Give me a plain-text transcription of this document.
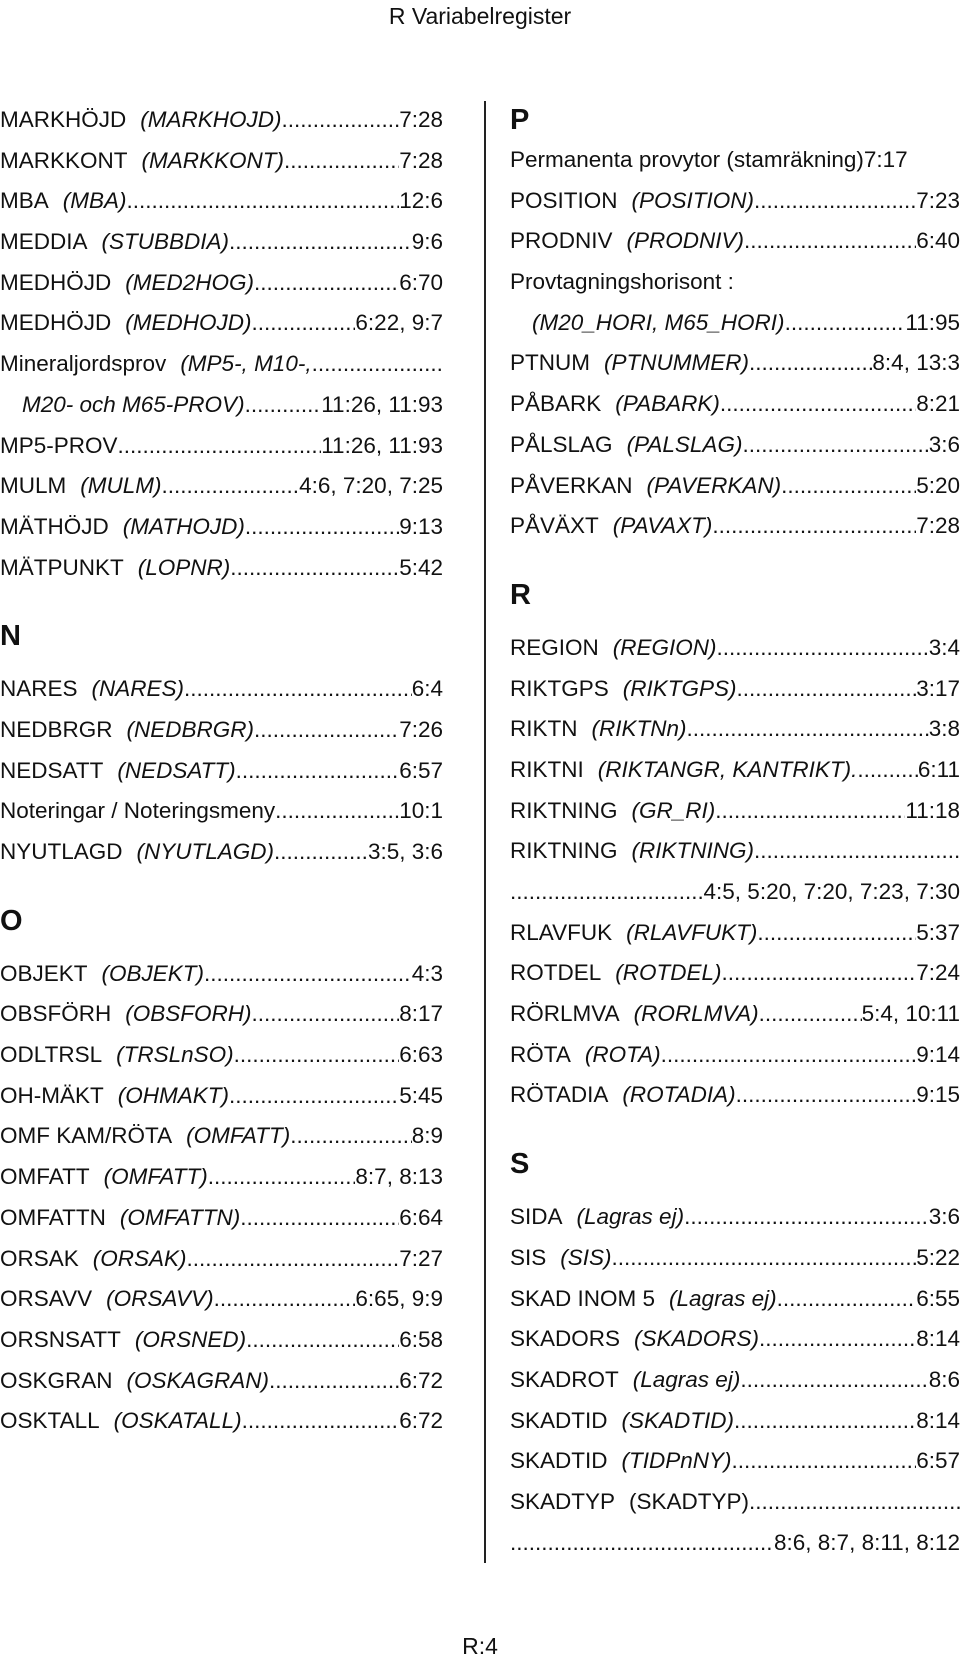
R Variabelregister
MARKHÖJD (MARKHOJD) .....	7:28
MARKKONT (MARKKONT) .....	7:28
MBA (MBA) .....	12:6
MEDDIA (STUBBDIA) .....	9:6
MEDHÖJD (MED2HOG) .....	6:70
MEDHÖJD (MEDHOJD) .....	6:22, 9:7
Mineraljordsprov (MP5-, M10-,
.....
M20- och M65-PROV) .....	11:26, 11:93
MP5-PROV .....	11:26, 11:93
MULM (MULM) .....	4:6, 7:20, 7:25
MÄTHÖJD (MATHOJD) .....	9:13
MÄTPUNKT (LOPNR) .....	5:42
N
NARES (NARES) .....	6:4
NEDBRGR (NEDBRGR) .....	7:26
NEDSATT (NEDSATT) .....	6:57
Noteringar / Noteringsmeny .....	10:1
NYUTLAGD (NYUTLAGD) .....	3:5, 3:6
O
OBJEKT (OBJEKT) .....	4:3
OBSFÖRH (OBSFORH) .....	8:17
ODLTRSL (TRSLnSO) .....	6:63
OH-MÄKT (OHMAKT) .....	5:45
OMF KAM/RÖTA (OMFATT) .....	8:9
OMFATT (OMFATT) .....	8:7, 8:13
OMFATTN (OMFATTN) .....	6:64
ORSAK (ORSAK) .....	7:27
ORSAVV (ORSAVV) .....	6:65, 9:9
ORSNSATT (ORSNED) .....	6:58
OSKGRAN (OSKAGRAN) .....	6:72
OSKTALL (OSKATALL) .....	6:72
P
Permanenta provytor (stamräkning)7:17
POSITION (POSITION) .....	7:23
PRODNIV (PRODNIV) .....	6:40
Provtagningshorisont :
(M20_HORI, M65_HORI) .....	11:95
PTNUM (PTNUMMER) .....	8:4, 13:3
PÅBARK (PABARK) .....	8:21
PÅLSLAG (PALSLAG) .....	3:6
PÅVERKAN (PAVERKAN) .....	5:20
PÅVÄXT (PAVAXT) .....	7:28
R
REGION (REGION) .....	3:4
RIKTGPS (RIKTGPS) .....	3:17
RIKTN (RIKTNn) .....	3:8
RIKTNI (RIKTANGR, KANTRIKT). .....	6:11
RIKTNING (GR_RI) .....	11:18
RIKTNING (RIKTNING)
.....
.....
4:5, 5:20, 7:20, 7:23, 7:30
RLAVFUK (RLAVFUKT) .....	5:37
ROTDEL (ROTDEL) .....	7:24
RÖRLMVA (RORLMVA) .....	5:4, 10:11
RÖTA (ROTA) .....	9:14
RÖTADIA (ROTADIA) .....	9:15
S
SIDA (Lagras ej) .....	3:6
SIS (SIS) .....	5:22
SKAD INOM 5 (Lagras ej) .....	6:55
SKADORS (SKADORS) .....	8:14
SKADROT (Lagras ej) .....	8:6
SKADTID (SKADTID) .....	8:14
SKADTID (TIDPnNY) .....	6:57
SKADTYP (SKADTYP)
.....
.....
8:6, 8:7, 8:11, 8:12
R:4
